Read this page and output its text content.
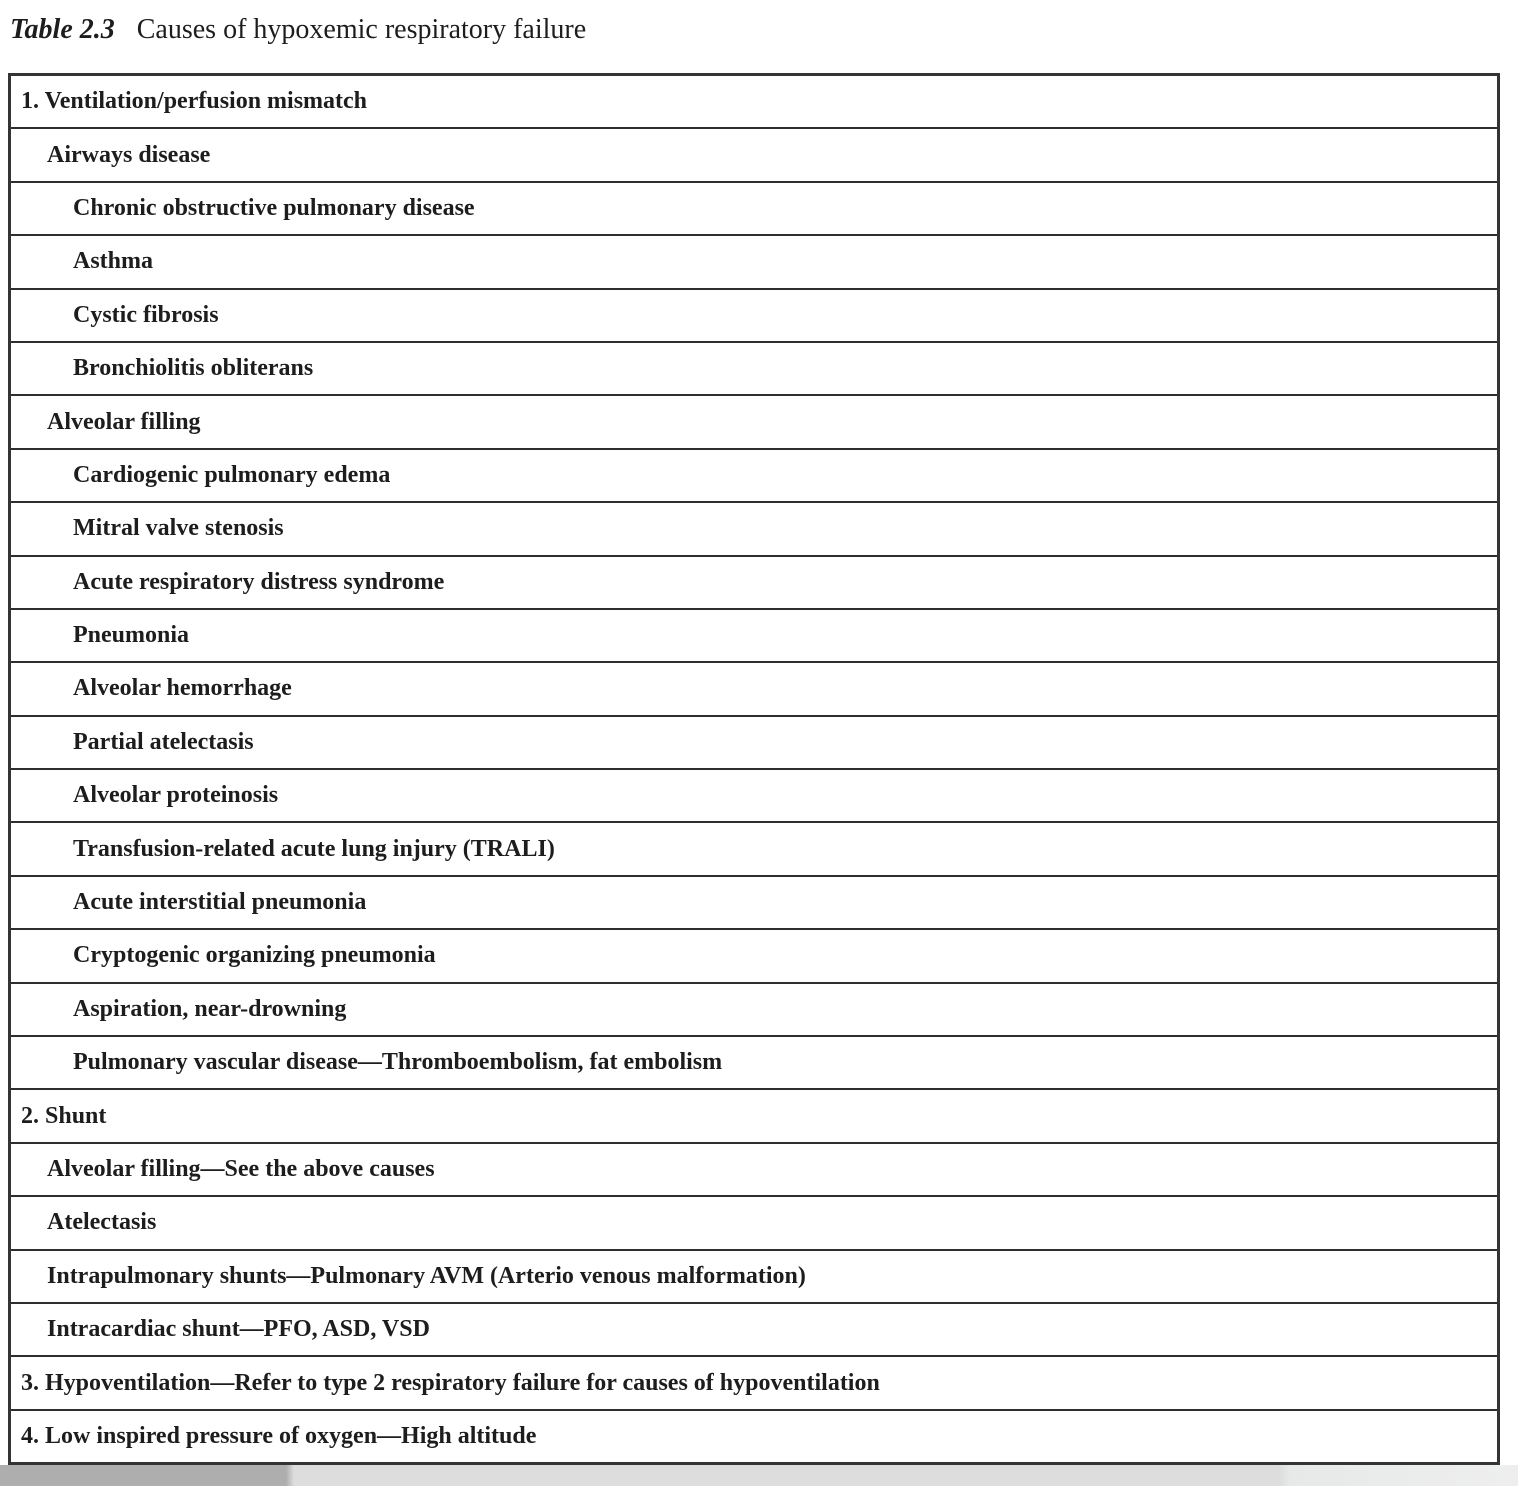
Table 2.3 Causes of hypoxemic respiratory failure
1. Ventilation/perfusion mismatch
Airways disease
Chronic obstructive pulmonary disease
Asthma
Cystic fibrosis
Bronchiolitis obliterans
Alveolar filling
Cardiogenic pulmonary edema
Mitral valve stenosis
Acute respiratory distress syndrome
Pneumonia
Alveolar hemorrhage
Partial atelectasis
Alveolar proteinosis
Transfusion-related acute lung injury (TRALI)
Acute interstitial pneumonia
Cryptogenic organizing pneumonia
Aspiration, near-drowning
Pulmonary vascular disease—Thromboembolism, fat embolism
2. Shunt
Alveolar filling—See the above causes
Atelectasis
Intrapulmonary shunts—Pulmonary AVM (Arterio venous malformation)
Intracardiac shunt—PFO, ASD, VSD
3. Hypoventilation—Refer to type 2 respiratory failure for causes of hypoventilation
4. Low inspired pressure of oxygen—High altitude
